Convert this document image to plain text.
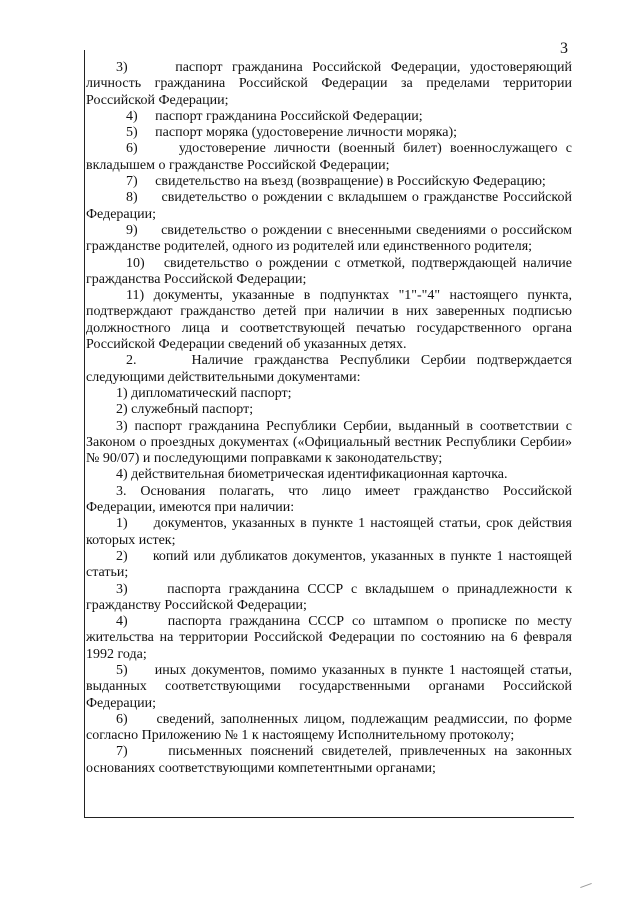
3

3)     паспорт гражданина Российской Федерации, удостоверяющий личность гражданина Российской Федерации за пределами территории Российской Федерации;

4)     паспорт гражданина Российской Федерации;

5)     паспорт моряка (удостоверение личности моряка);

6)     удостоверение личности (военный билет) военнослужащего с вкладышем о гражданстве Российской Федерации;

7)     свидетельство на въезд (возвращение) в Российскую Федерацию;

8)     свидетельство о рождении с вкладышем о гражданстве Российской Федерации;

9)     свидетельство о рождении с внесенными сведениями о российском гражданстве родителей, одного из родителей или единственного родителя;

10)   свидетельство о рождении с отметкой, подтверждающей наличие гражданства Российской Федерации;

11) документы, указанные в подпунктах "1"-"4" настоящего пункта, подтверждают гражданство детей при наличии в них заверенных подписью должностного лица и соответствующей печатью государственного органа Российской Федерации сведений об указанных детях.

2.     Наличие гражданства Республики Сербии подтверждается следующими действительными документами:

1) дипломатический паспорт;

2) служебный паспорт;

3) паспорт гражданина Республики Сербии, выданный в соответствии с Законом о проездных документах («Официальный вестник Республики Сербии» № 90/07) и последующими поправками к законодательству;

4) действительная биометрическая идентификационная карточка.

3. Основания полагать, что лицо имеет гражданство Российской Федерации, имеются при наличии:

1)     документов, указанных в пункте 1 настоящей статьи, срок действия которых истек;

2)     копий или дубликатов документов, указанных в пункте 1 настоящей статьи;

3)     паспорта гражданина СССР с вкладышем о принадлежности к гражданству Российской Федерации;

4)     паспорта гражданина СССР со штампом о прописке по месту жительства на территории Российской Федерации по состоянию на 6 февраля 1992 года;

5)     иных документов, помимо указанных в пункте 1 настоящей статьи, выданных соответствующими государственными органами Российской Федерации;

6)     сведений, заполненных лицом, подлежащим реадмиссии, по форме согласно Приложению № 1 к настоящему Исполнительному протоколу;

7)     письменных пояснений свидетелей, привлеченных на законных основаниях соответствующими компетентными органами;
